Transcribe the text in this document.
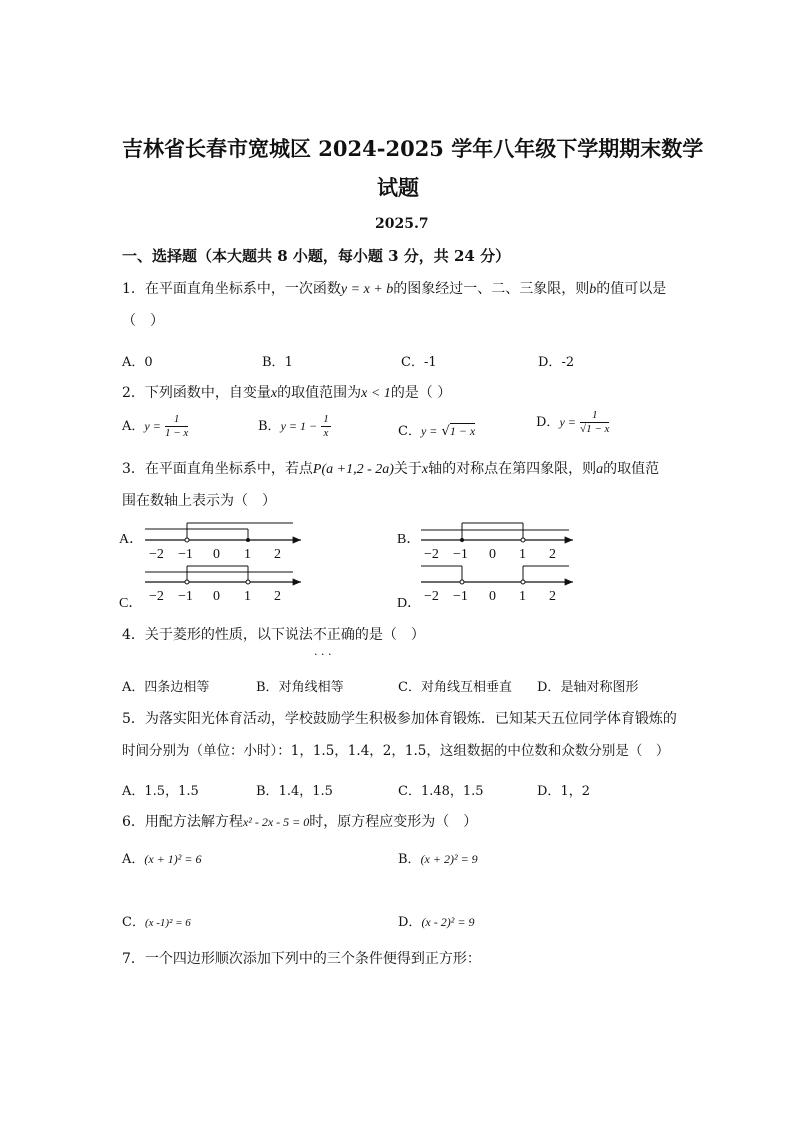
吉林省长春市宽城区 2024-2025 学年八年级下学期期末数学
试题
2025.7
一、选择题（本大题共 8 小题，每小题 3 分，共 24 分）
1．在平面直角坐标系中，一次函数y = x + b的图象经过一、二、三象限，则b的值可以是
（　）
A．0	B．1	C．-1	D．-2
2．下列函数中，自变量x的取值范围为x < 1的是（ ）
A．$y = \frac{1}{1 - x}$	B．$y = 1 - \frac{1}{x}$	C．y = √1 − x
D．$y = \frac{1}{√1 - x}$
3．在平面直角坐标系中，若点P(a +1,2 - 2a)关于x轴的对称点在第四象限，则a的取值范
围在数轴上表示为（　）
A．
−2 −1 0 1 2
B．
−2 −1 0 1 2
C． −2 −1 0 1 2	D． −2 −1 0 1 2
4．关于菱形的性质，以下说法不正确的是（　）
· · ·
A．四条边相等	B．对角线相等	C．对角线互相垂直 D．是轴对称图形
5．为落实阳光体育活动，学校鼓励学生积极参加体育锻炼．已知某天五位同学体育锻炼的
时间分别为（单位：小时）：1，1.5，1.4，2，1.5，这组数据的中位数和众数分别是（　）
A．1.5，1.5	B．1.4，1.5	C．1.48，1.5	D．1，2
6．用配方法解方程x² - 2x - 5 = 0时，原方程应变形为（　）
A．(x + 1)² = 6	B．(x + 2)² = 9
C．(x -1)² = 6	D．(x - 2)² = 9
7．一个四边形顺次添加下列中的三个条件便得到正方形：
